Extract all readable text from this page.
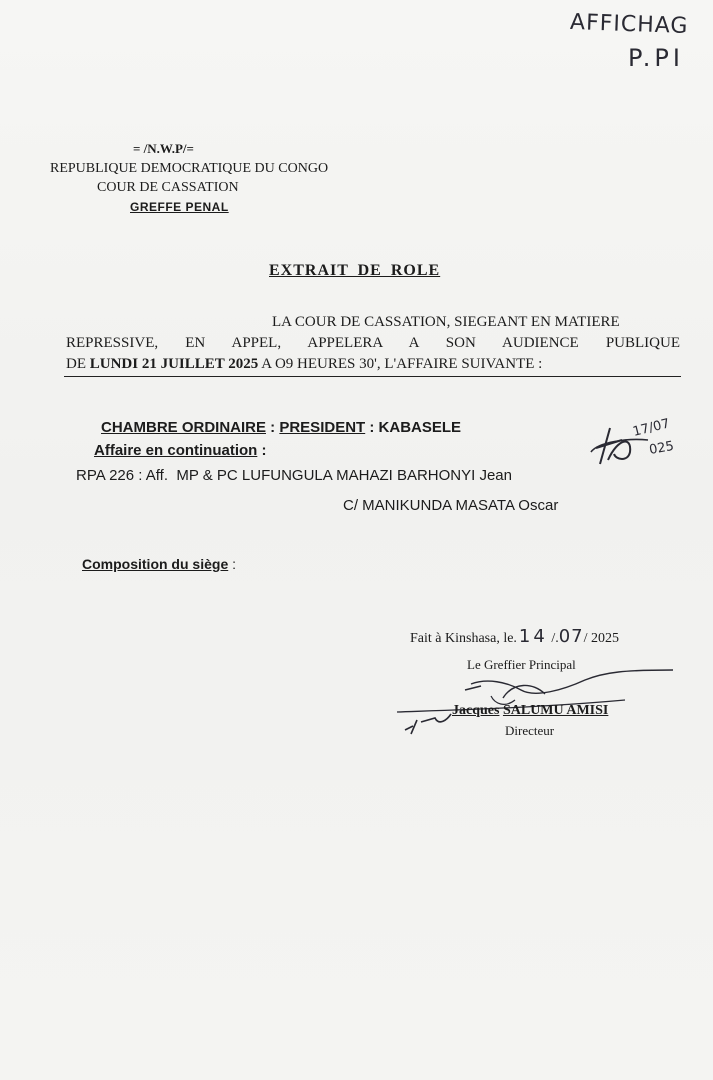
AFFICHAG
P.PI
= /N.W.P/=
REPUBLIQUE DEMOCRATIQUE DU CONGO
COUR DE CASSATION
GREFFE PENAL
EXTRAIT DE ROLE
LA COUR DE CASSATION, SIEGEANT EN MATIERE
REPRESSIVE, EN APPEL, APPELERA A SON AUDIENCE PUBLIQUE
DE LUNDI 21 JUILLET 2025 A O9 HEURES 30', L'AFFAIRE SUIVANTE :
CHAMBRE ORDINAIRE : PRESIDENT : KABASELE
Affaire en continuation :
RPA 226 : Aff.  MP & PC LUFUNGULA MAHAZI BARHONYI Jean
C/ MANIKUNDA MASATA Oscar
17/07
025
Composition du siège :
Fait à Kinshasa, le.14 /.07/ 2025
Le Greffier Principal
Jacques SALUMU AMISI
Directeur
